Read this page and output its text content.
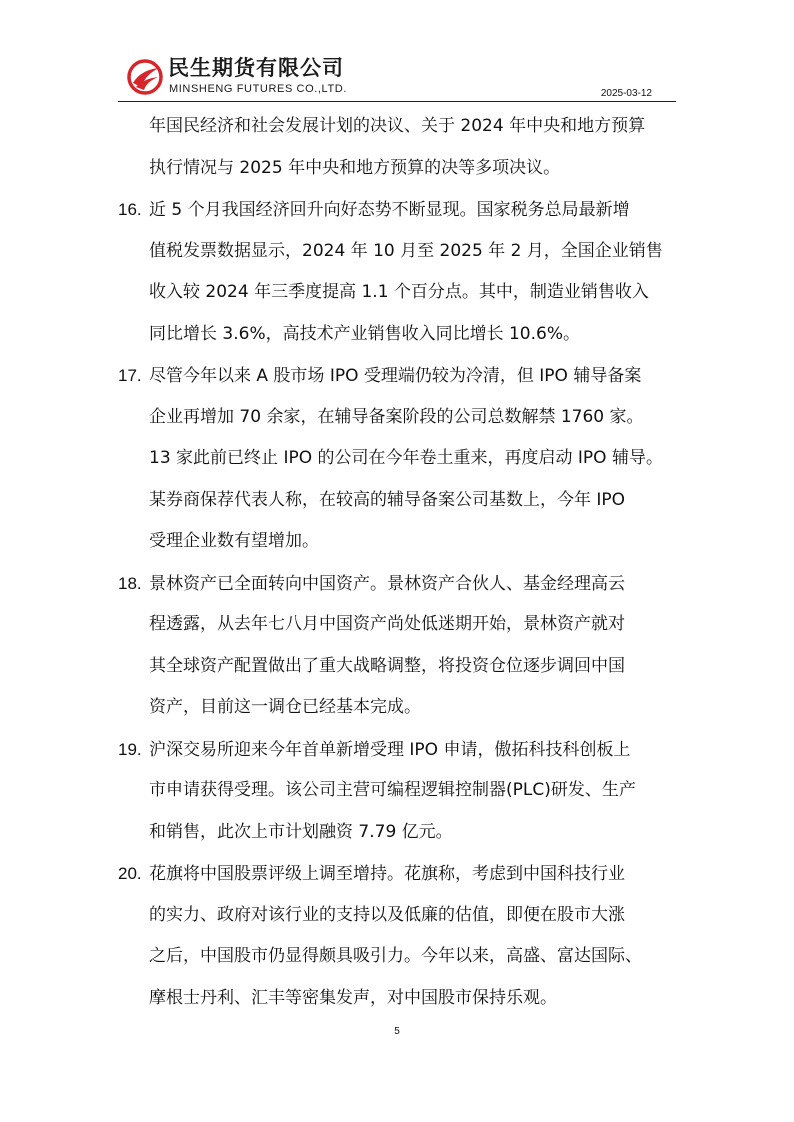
民生期货有限公司
MINSHENG FUTURES CO.,LTD.	2025-03-12
年国民经济和社会发展计划的决议、关于 2024 年中央和地方预算
执行情况与 2025 年中央和地方预算的决等多项决议。
16. 近 5 个月我国经济回升向好态势不断显现。国家税务总局最新增
值税发票数据显示，2024 年 10 月至 2025 年 2 月，全国企业销售
收入较 2024 年三季度提高 1.1 个百分点。其中，制造业销售收入
同比增长 3.6%，高技术产业销售收入同比增长 10.6%。
17. 尽管今年以来 A 股市场 IPO 受理端仍较为冷清，但 IPO 辅导备案
企业再增加 70 余家，在辅导备案阶段的公司总数解禁 1760 家。
13 家此前已终止 IPO 的公司在今年卷土重来，再度启动 IPO 辅导。
某券商保荐代表人称，在较高的辅导备案公司基数上，今年 IPO
受理企业数有望增加。
18. 景林资产已全面转向中国资产。景林资产合伙人、基金经理高云
程透露，从去年七八月中国资产尚处低迷期开始，景林资产就对
其全球资产配置做出了重大战略调整，将投资仓位逐步调回中国
资产，目前这一调仓已经基本完成。
19. 沪深交易所迎来今年首单新增受理 IPO 申请，傲拓科技科创板上
市申请获得受理。该公司主营可编程逻辑控制器(PLC)研发、生产
和销售，此次上市计划融资 7.79 亿元。
20. 花旗将中国股票评级上调至增持。花旗称，考虑到中国科技行业
的实力、政府对该行业的支持以及低廉的估值，即便在股市大涨
之后，中国股市仍显得颇具吸引力。今年以来，高盛、富达国际、
摩根士丹利、汇丰等密集发声，对中国股市保持乐观。
5
